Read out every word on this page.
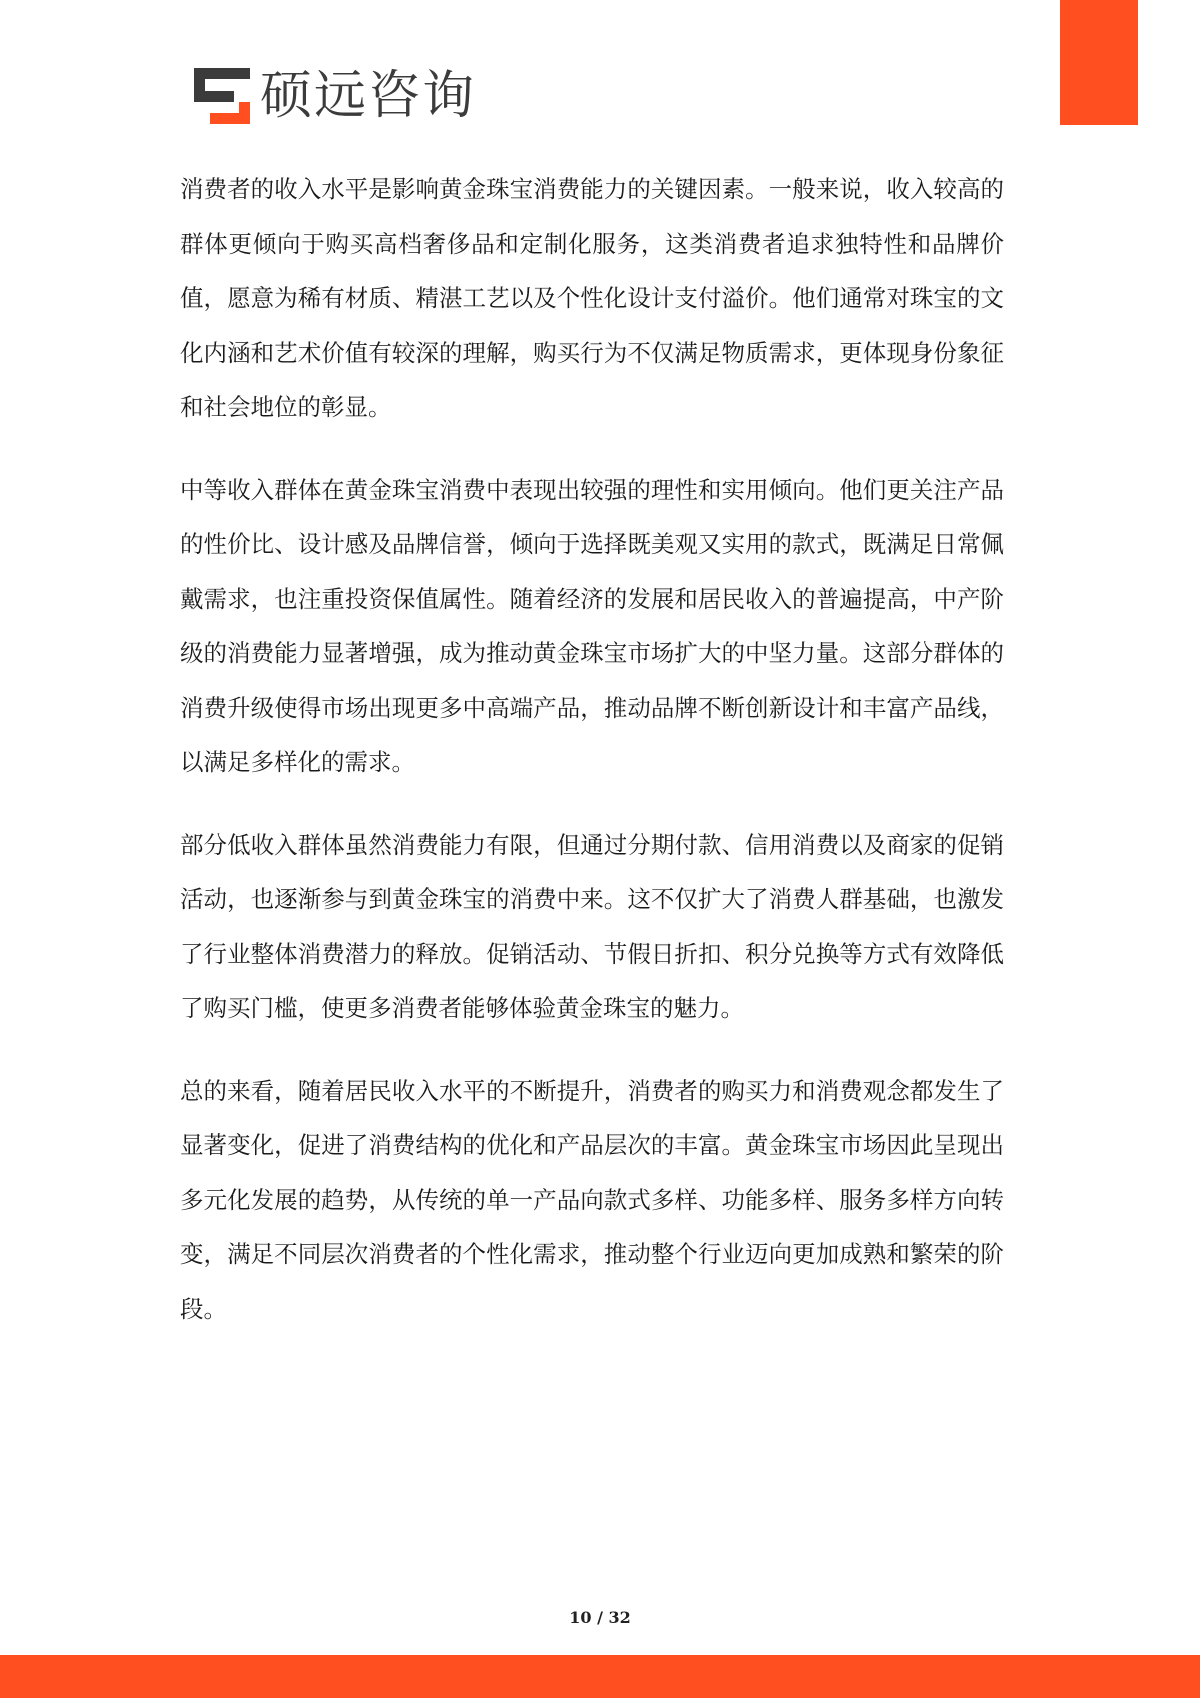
硕远咨询

消费者的收入水平是影响黄金珠宝消费能力的关键因素。一般来说，收入较高的群体更倾向于购买高档奢侈品和定制化服务，这类消费者追求独特性和品牌价值，愿意为稀有材质、精湛工艺以及个性化设计支付溢价。他们通常对珠宝的文化内涵和艺术价值有较深的理解，购买行为不仅满足物质需求，更体现身份象征和社会地位的彰显。

中等收入群体在黄金珠宝消费中表现出较强的理性和实用倾向。他们更关注产品的性价比、设计感及品牌信誉，倾向于选择既美观又实用的款式，既满足日常佩戴需求，也注重投资保值属性。随着经济的发展和居民收入的普遍提高，中产阶级的消费能力显著增强，成为推动黄金珠宝市场扩大的中坚力量。这部分群体的消费升级使得市场出现更多中高端产品，推动品牌不断创新设计和丰富产品线，以满足多样化的需求。

部分低收入群体虽然消费能力有限，但通过分期付款、信用消费以及商家的促销活动，也逐渐参与到黄金珠宝的消费中来。这不仅扩大了消费人群基础，也激发了行业整体消费潜力的释放。促销活动、节假日折扣、积分兑换等方式有效降低了购买门槛，使更多消费者能够体验黄金珠宝的魅力。

总的来看，随着居民收入水平的不断提升，消费者的购买力和消费观念都发生了显著变化，促进了消费结构的优化和产品层次的丰富。黄金珠宝市场因此呈现出多元化发展的趋势，从传统的单一产品向款式多样、功能多样、服务多样方向转变，满足不同层次消费者的个性化需求，推动整个行业迈向更加成熟和繁荣的阶段。

10 / 32
